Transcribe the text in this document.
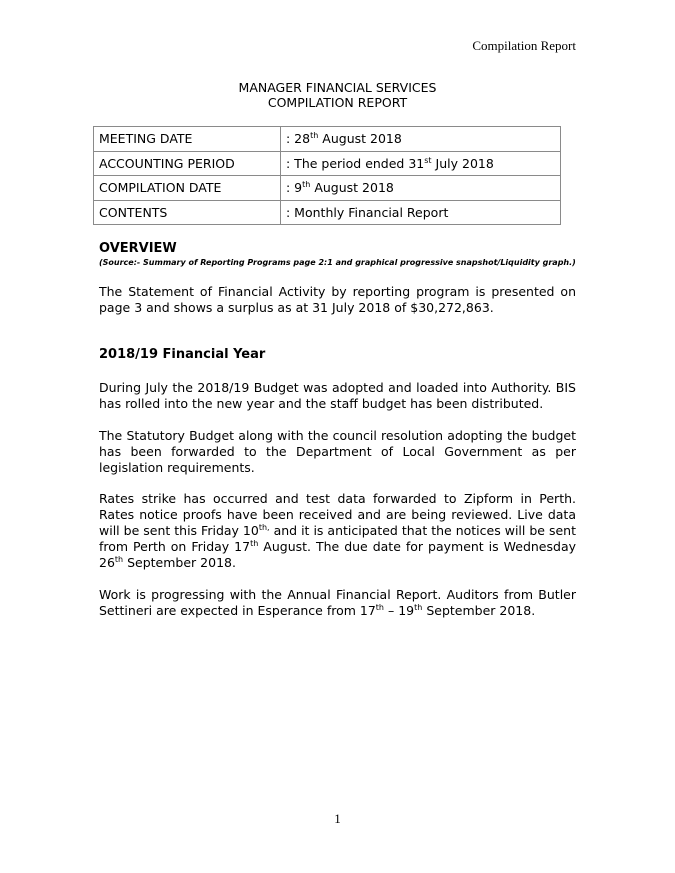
Compilation Report
MANAGER FINANCIAL SERVICES
COMPILATION REPORT
MEETING DATE	: 28th August 2018
ACCOUNTING PERIOD	: The period ended 31st July 2018
COMPILATION DATE	: 9th August 2018
CONTENTS	: Monthly Financial Report
OVERVIEW
(Source:- Summary of Reporting Programs page 2:1 and graphical progressive snapshot/Liquidity graph.)

The Statement of Financial Activity by reporting program is presented on page 3 and shows a surplus as at 31 July 2018 of $30,272,863.

2018/19 Financial Year

During July the 2018/19 Budget was adopted and loaded into Authority. BIS has rolled into the new year and the staff budget has been distributed.

The Statutory Budget along with the council resolution adopting the budget has been forwarded to the Department of Local Government as per legislation requirements.

Rates strike has occurred and test data forwarded to Zipform in Perth. Rates notice proofs have been received and are being reviewed. Live data will be sent this Friday $10^{th,}$ and it is anticipated that the notices will be sent from Perth on Friday 17th August. The due date for payment is Wednesday 26th September 2018.

Work is progressing with the Annual Financial Report. Auditors from Butler Settineri are expected in Esperance from 17th – 19th September 2018.

1
